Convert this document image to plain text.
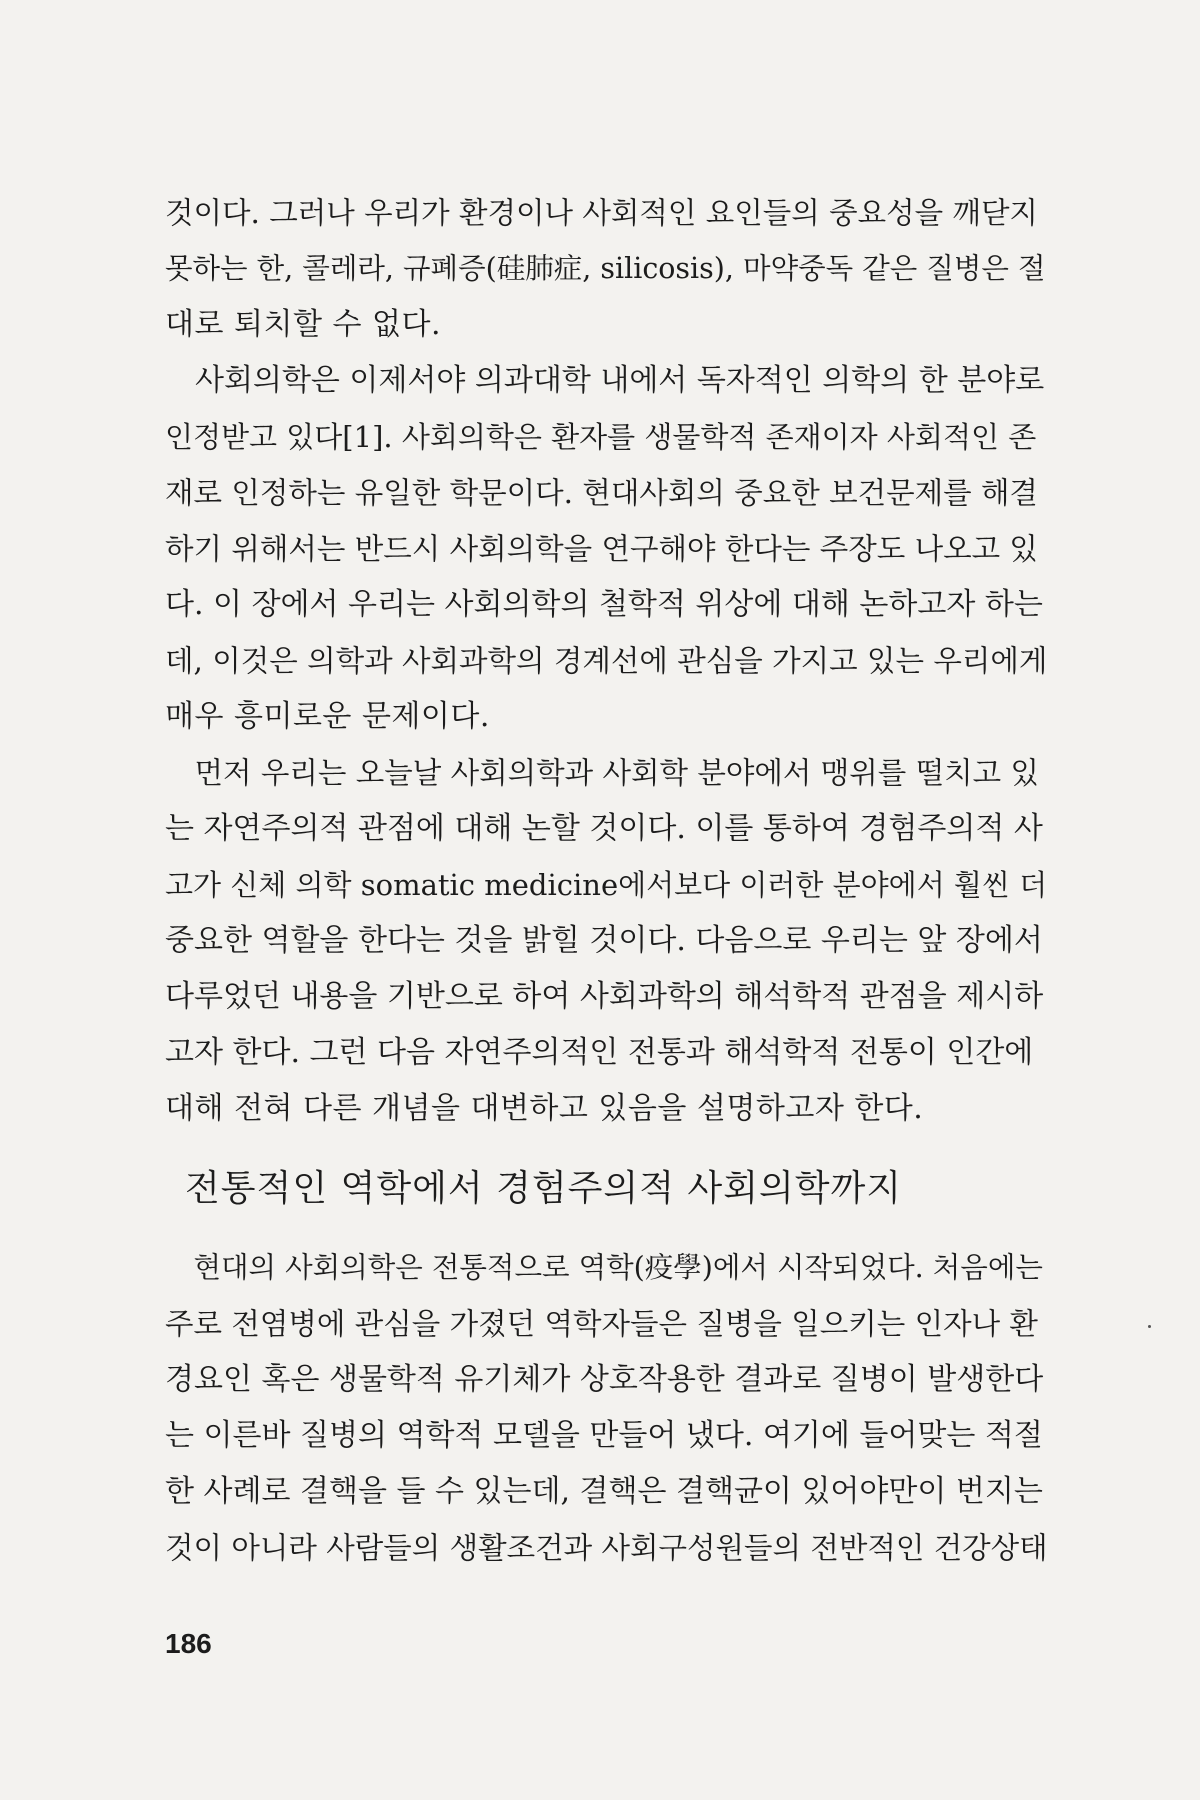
것이다. 그러나 우리가 환경이나 사회적인 요인들의 중요성을 깨닫지
못하는 한, 콜레라, 규폐증(硅肺症, silicosis), 마약중독 같은 질병은 절
대로 퇴치할 수 없다.
　사회의학은 이제서야 의과대학 내에서 독자적인 의학의 한 분야로
인정받고 있다[1]. 사회의학은 환자를 생물학적 존재이자 사회적인 존
재로 인정하는 유일한 학문이다. 현대사회의 중요한 보건문제를 해결
하기 위해서는 반드시 사회의학을 연구해야 한다는 주장도 나오고 있
다. 이 장에서 우리는 사회의학의 철학적 위상에 대해 논하고자 하는
데, 이것은 의학과 사회과학의 경계선에 관심을 가지고 있는 우리에게
매우 흥미로운 문제이다.
　먼저 우리는 오늘날 사회의학과 사회학 분야에서 맹위를 떨치고 있
는 자연주의적 관점에 대해 논할 것이다. 이를 통하여 경험주의적 사
고가 신체 의학 somatic medicine에서보다 이러한 분야에서 훨씬 더
중요한 역할을 한다는 것을 밝힐 것이다. 다음으로 우리는 앞 장에서
다루었던 내용을 기반으로 하여 사회과학의 해석학적 관점을 제시하
고자 한다. 그런 다음 자연주의적인 전통과 해석학적 전통이 인간에
대해 전혀 다른 개념을 대변하고 있음을 설명하고자 한다.
전통적인 역학에서 경험주의적 사회의학까지
　현대의 사회의학은 전통적으로 역학(疫學)에서 시작되었다. 처음에는
주로 전염병에 관심을 가졌던 역학자들은 질병을 일으키는 인자나 환
경요인 혹은 생물학적 유기체가 상호작용한 결과로 질병이 발생한다
는 이른바 질병의 역학적 모델을 만들어 냈다. 여기에 들어맞는 적절
한 사례로 결핵을 들 수 있는데, 결핵은 결핵균이 있어야만이 번지는
것이 아니라 사람들의 생활조건과 사회구성원들의 전반적인 건강상태
186
